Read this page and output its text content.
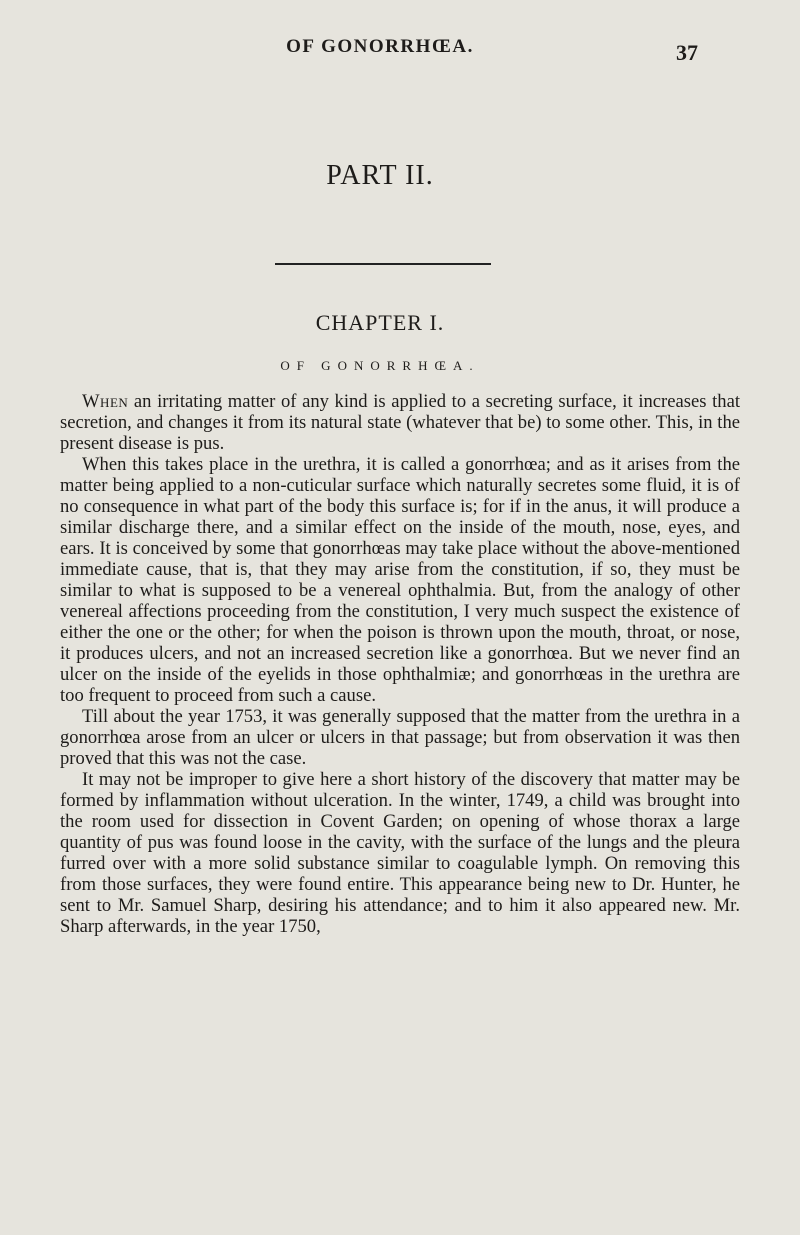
OF GONORRHŒA.	37
PART II.
CHAPTER I.
OF GONORRHŒA.

When an irritating matter of any kind is applied to a secreting surface, it increases that secretion, and changes it from its natural state (whatever that be) to some other. This, in the present disease is pus.

When this takes place in the urethra, it is called a gonorrhœa; and as it arises from the matter being applied to a non-cuticular surface which naturally secretes some fluid, it is of no consequence in what part of the body this surface is; for if in the anus, it will produce a similar discharge there, and a similar effect on the inside of the mouth, nose, eyes, and ears. It is conceived by some that gonorrhœas may take place without the above-mentioned immediate cause, that is, that they may arise from the constitution, if so, they must be similar to what is supposed to be a venereal ophthalmia. But, from the analogy of other venereal affections proceeding from the constitution, I very much suspect the existence of either the one or the other; for when the poison is thrown upon the mouth, throat, or nose, it produces ulcers, and not an increased secretion like a gonorrhœa. But we never find an ulcer on the inside of the eyelids in those ophthalmiæ; and gonorrhœas in the urethra are too frequent to proceed from such a cause.

Till about the year 1753, it was generally supposed that the matter from the urethra in a gonorrhœa arose from an ulcer or ulcers in that passage; but from observation it was then proved that this was not the case.

It may not be improper to give here a short history of the discovery that matter may be formed by inflammation without ulceration. In the winter, 1749, a child was brought into the room used for dissection in Covent Garden; on opening of whose thorax a large quantity of pus was found loose in the cavity, with the surface of the lungs and the pleura furred over with a more solid substance similar to coagulable lymph. On removing this from those surfaces, they were found entire. This appearance being new to Dr. Hunter, he sent to Mr. Samuel Sharp, desiring his attendance; and to him it also appeared new. Mr. Sharp afterwards, in the year 1750,
